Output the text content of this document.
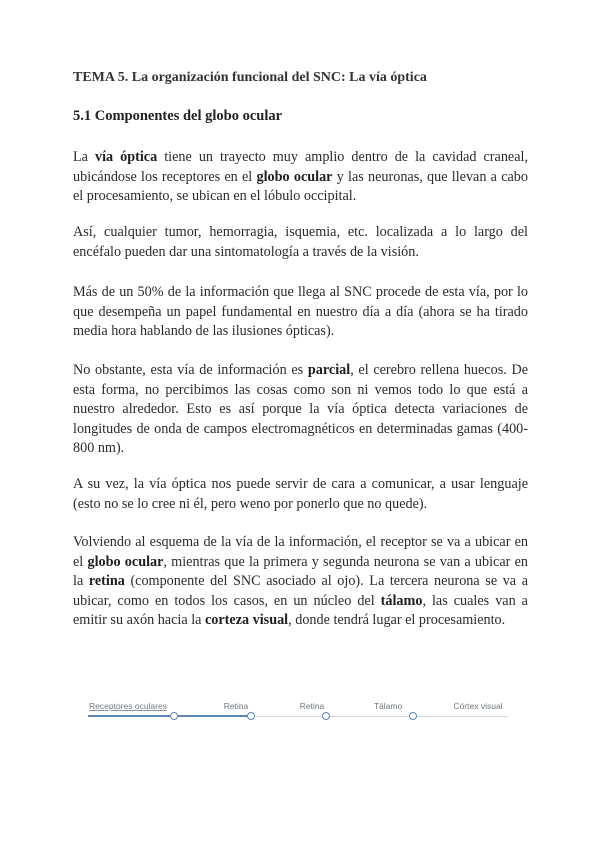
TEMA 5. La organización funcional del SNC: La vía óptica
5.1 Componentes del globo ocular

La vía óptica tiene un trayecto muy amplio dentro de la cavidad craneal, ubicándose los receptores en el globo ocular y las neuronas, que llevan a cabo el procesamiento, se ubican en el lóbulo occipital.

Así, cualquier tumor, hemorragia, isquemia, etc. localizada a lo largo del encéfalo pueden dar una sintomatología a través de la visión.

Más de un 50% de la información que llega al SNC procede de esta vía, por lo que desempeña un papel fundamental en nuestro día a día (ahora se ha tirado media hora hablando de las ilusiones ópticas).

No obstante, esta vía de información es parcial, el cerebro rellena huecos. De esta forma, no percibimos las cosas como son ni vemos todo lo que está a nuestro alrededor. Esto es así porque la vía óptica detecta variaciones de longitudes de onda de campos electromagnéticos en determinadas gamas (400-800 nm).

A su vez, la vía óptica nos puede servir de cara a comunicar, a usar lenguaje (esto no se lo cree ni él, pero weno por ponerlo que no quede).

Volviendo al esquema de la vía de la información, el receptor se va a ubicar en el globo ocular, mientras que la primera y segunda neurona se van a ubicar en la retina (componente del SNC asociado al ojo). La tercera neurona se va a ubicar, como en todos los casos, en un núcleo del tálamo, las cuales van a emitir su axón hacia la corteza visual, donde tendrá lugar el procesamiento.

Receptores oculares	Retina	Retina	Tálamo	Córtex visual
